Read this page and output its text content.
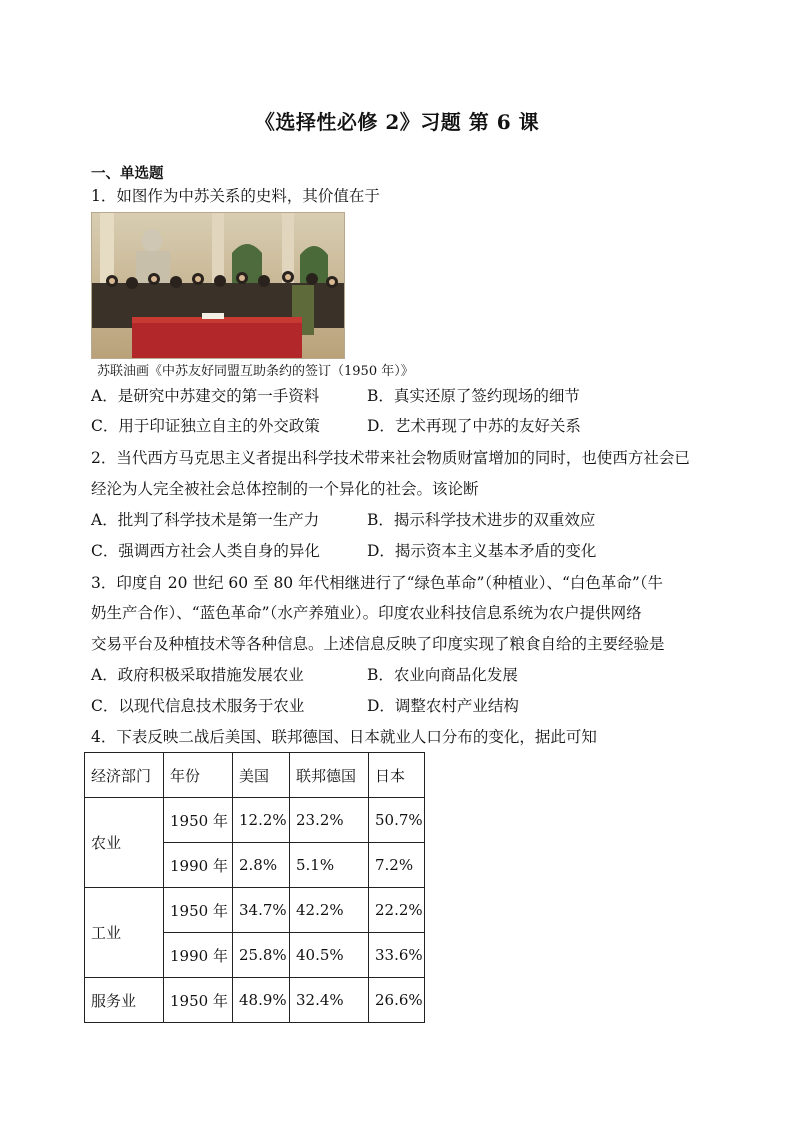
《选择性必修 2》习题 第 6 课
一、单选题
1．如图作为中苏关系的史料，其价值在于
苏联油画《中苏友好同盟互助条约的签订（1950 年）》
A．是研究中苏建交的第一手资料	B．真实还原了签约现场的细节
C．用于印证独立自主的外交政策	D．艺术再现了中苏的友好关系
2．当代西方马克思主义者提出科学技术带来社会物质财富增加的同时，也使西方社会已
经沦为人完全被社会总体控制的一个异化的社会。该论断
A．批判了科学技术是第一生产力	B．揭示科学技术进步的双重效应
C．强调西方社会人类自身的异化	D．揭示资本主义基本矛盾的变化
3．印度自 20 世纪 60 至 80 年代相继进行了“绿色革命”（种植业）、“白色革命”（牛
奶生产合作）、“蓝色革命”（水产养殖业）。印度农业科技信息系统为农户提供网络
交易平台及种植技术等各种信息。上述信息反映了印度实现了粮食自给的主要经验是
A．政府积极采取措施发展农业	B．农业向商品化发展
C．以现代信息技术服务于农业	D．调整农村产业结构
4．下表反映二战后美国、联邦德国、日本就业人口分布的变化，据此可知
经济部门	年份	美国	联邦德国	日本
农业	1950 年	12.2%	23.2%	50.7%
	1990 年	2.8%	5.1%	7.2%
工业	1950 年	34.7%	42.2%	22.2%
	1990 年	25.8%	40.5%	33.6%
服务业	1950 年	48.9%	32.4%	26.6%
